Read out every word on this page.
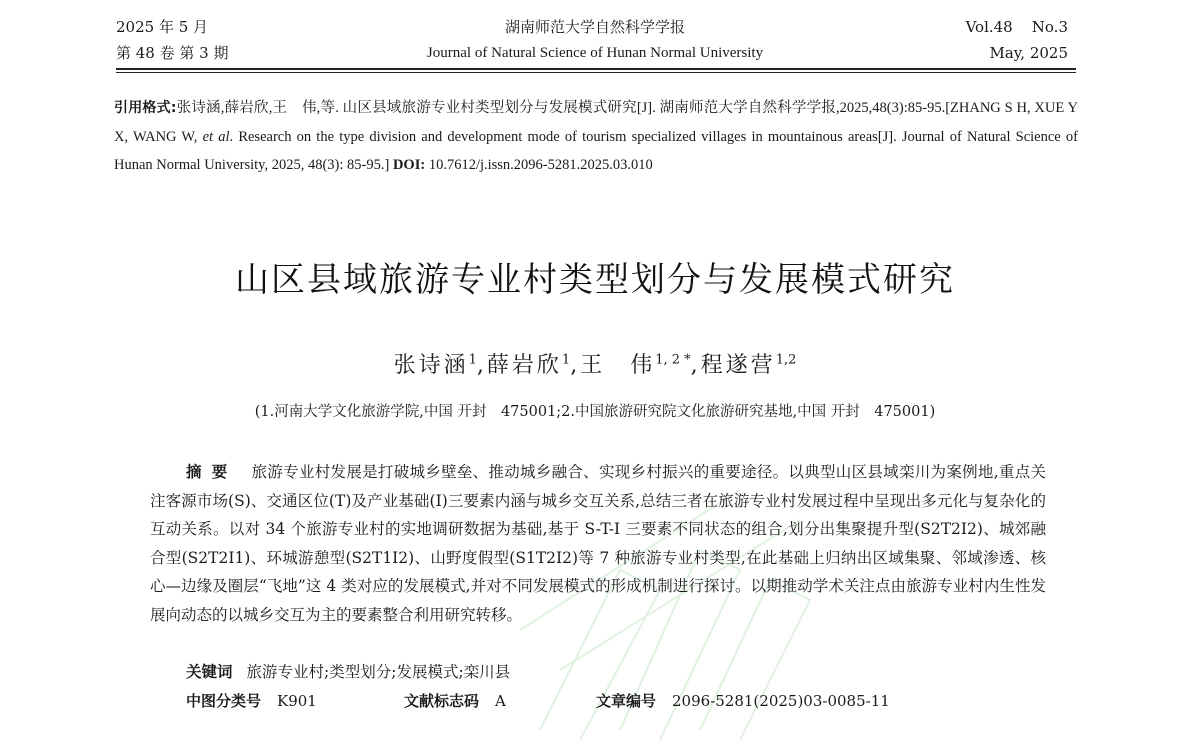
2025 年 5 月
第 48 卷 第 3 期
湖南师范大学自然科学学报
Journal of Natural Science of Hunan Normal University
Vol.48    No.3
May, 2025
引用格式:张诗涵,薛岩欣,王　伟,等. 山区县域旅游专业村类型划分与发展模式研究[J]. 湖南师范大学自然科学学报,2025,48(3):85-95.[ZHANG S H, XUE Y X, WANG W, et al. Research on the type division and development mode of tourism specialized villages in mountainous areas[J]. Journal of Natural Science of Hunan Normal University, 2025, 48(3): 85-95.] DOI: 10.7612/j.issn.2096-5281.2025.03.010
山区县域旅游专业村类型划分与发展模式研究
张诗涵$^1$,薛岩欣$^1$,王　伟$^{1, 2 *}$,程遂营$^{1,2}$
(1.河南大学文化旅游学院,中国 开封　475001;2.中国旅游研究院文化旅游研究基地,中国 开封　475001)
摘要 旅游专业村发展是打破城乡壁垒、推动城乡融合、实现乡村振兴的重要途径。以典型山区县域栾川为案例地,重点关注客源市场(S)、交通区位(T)及产业基础(I)三要素内涵与城乡交互关系,总结三者在旅游专业村发展过程中呈现出多元化与复杂化的互动关系。以对 34 个旅游专业村的实地调研数据为基础,基于 S-T-I 三要素不同状态的组合,划分出集聚提升型(S2T2I2)、城郊融合型(S2T2I1)、环城游憩型(S2T1I2)、山野度假型(S1T2I2)等 7 种旅游专业村类型,在此基础上归纳出区域集聚、邻域渗透、核心—边缘及圈层“飞地”这 4 类对应的发展模式,并对不同发展模式的形成机制进行探讨。以期推动学术关注点由旅游专业村内生性发展向动态的以城乡交互为主的要素整合利用研究转移。
关键词 旅游专业村;类型划分;发展模式;栾川县
中图分类号 K901	文献标志码 A	文章编号 2096-5281(2025)03-0085-11
